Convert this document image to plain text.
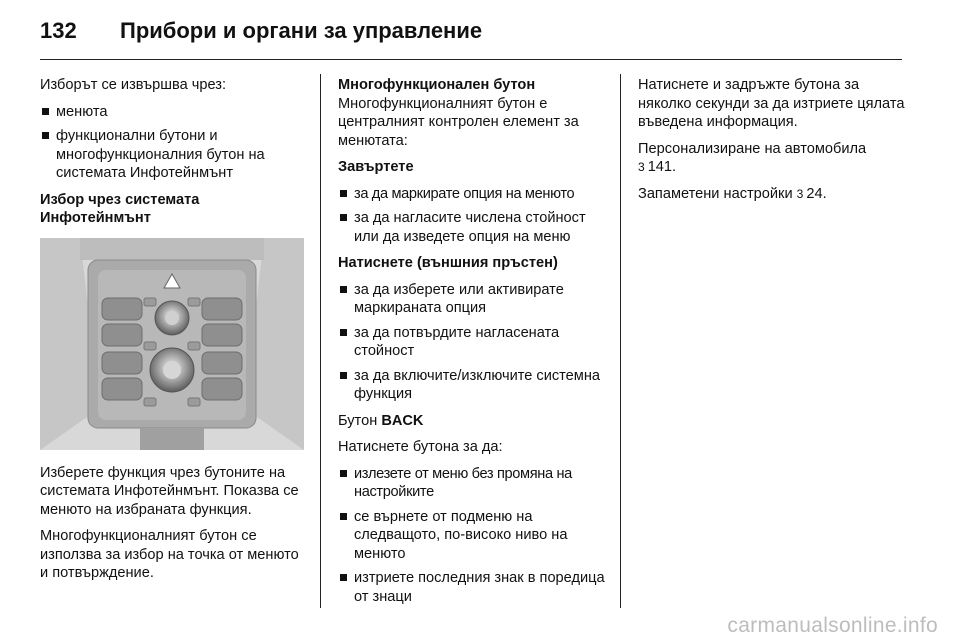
132	Прибори и органи за управление

Изборът се извършва чрез:

менюта
функционални бутони и многофункционалния бутон на системата Инфотейнмънт
Избор чрез системата Инфотейнмънт

Изберете функция чрез бутоните на системата Инфотейнмънт. Показва се менюто на избраната функция.

Многофункционалният бутон се използва за избор на точка от менюто и потвърждение.

Многофункционален бутон

Многофункционалният бутон е централният контролен елемент за менютата:

Завъртете
за да маркирате опция на менюто
за да нагласите числена стойност или да изведете опция на меню
Натиснете (външния пръстен)
за да изберете или активирате маркираната опция
за да потвърдите нагласената стойност
за да включите/изключите системна функция

Бутон BACK

Натиснете бутона за да:

излезете от меню без промяна на настройките
се върнете от подменю на следващото, по-високо ниво на менюто
изтриете последния знак в поредица от знаци

Натиснете и задръжте бутона за няколко секунди за да изтриете цялата въведена информация.

Персонализиране на автомобила
3 141.

Запаметени настройки 3 24.

carmanualsonline.info
